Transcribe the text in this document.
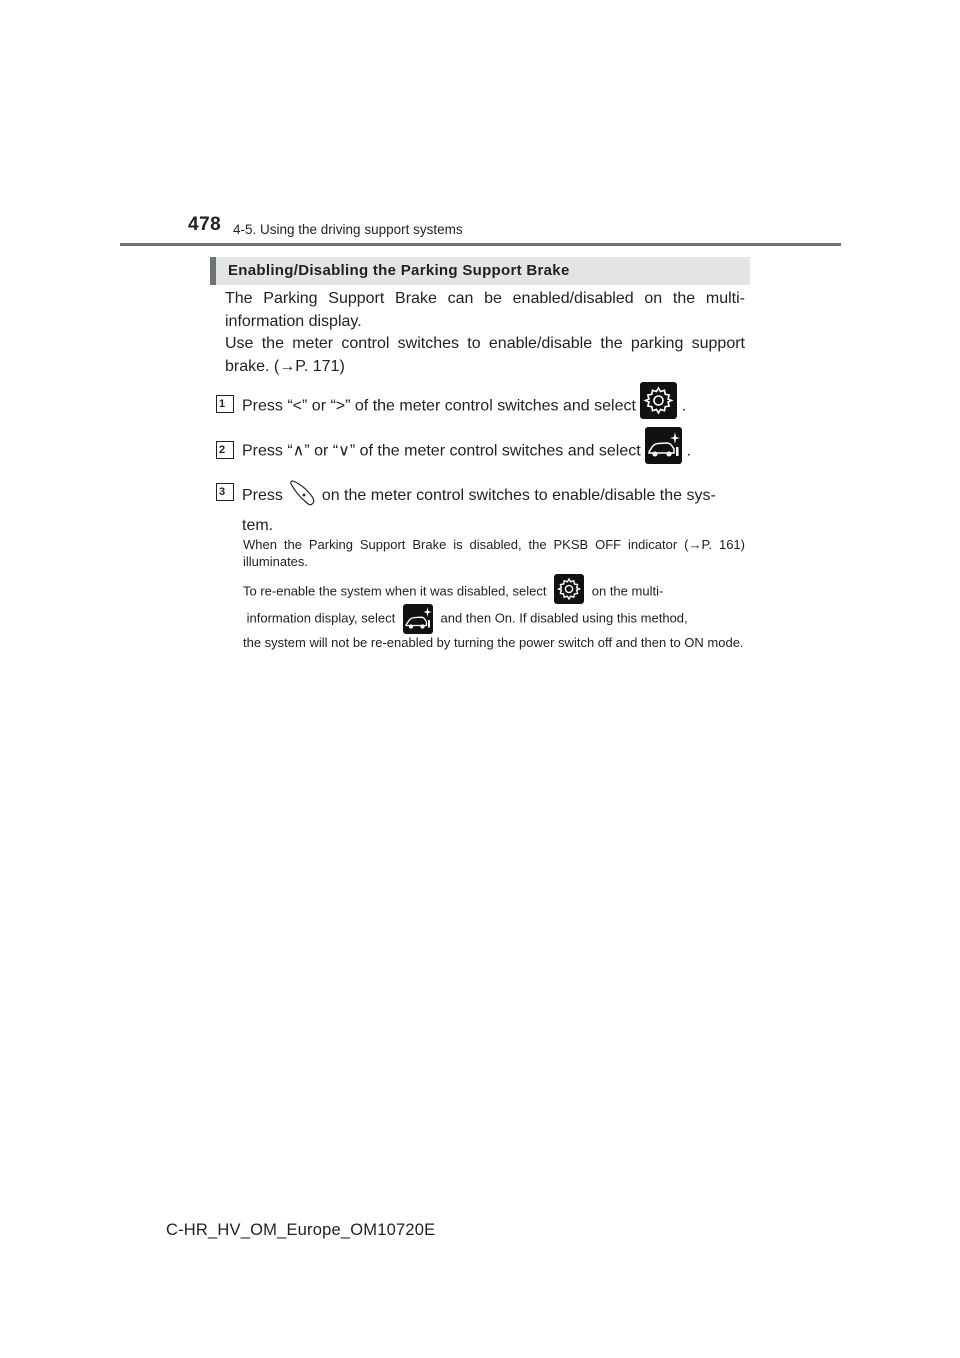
478 4-5. Using the driving support systems
Enabling/Disabling the Parking Support Brake

The Parking Support Brake can be enabled/disabled on the multi-information display.
Use the meter control switches to enable/disable the parking support brake. (→P. 171)

1	Press “<” or “>” of the meter control switches and select	.

2	Press “∧” or “∨” of the meter control switches and select	.

3	Press on the meter control switches to enable/disable the sys-
tem.

When the Parking Support Brake is disabled, the PKSB OFF indicator (→P. 161) illuminates.

To re-enable the system when it was disabled, select	on the multi-
information display, select	and then On. If disabled using this method,
the system will not be re-enabled by turning the power switch off and then to ON mode.

C-HR_HV_OM_Europe_OM10720E
